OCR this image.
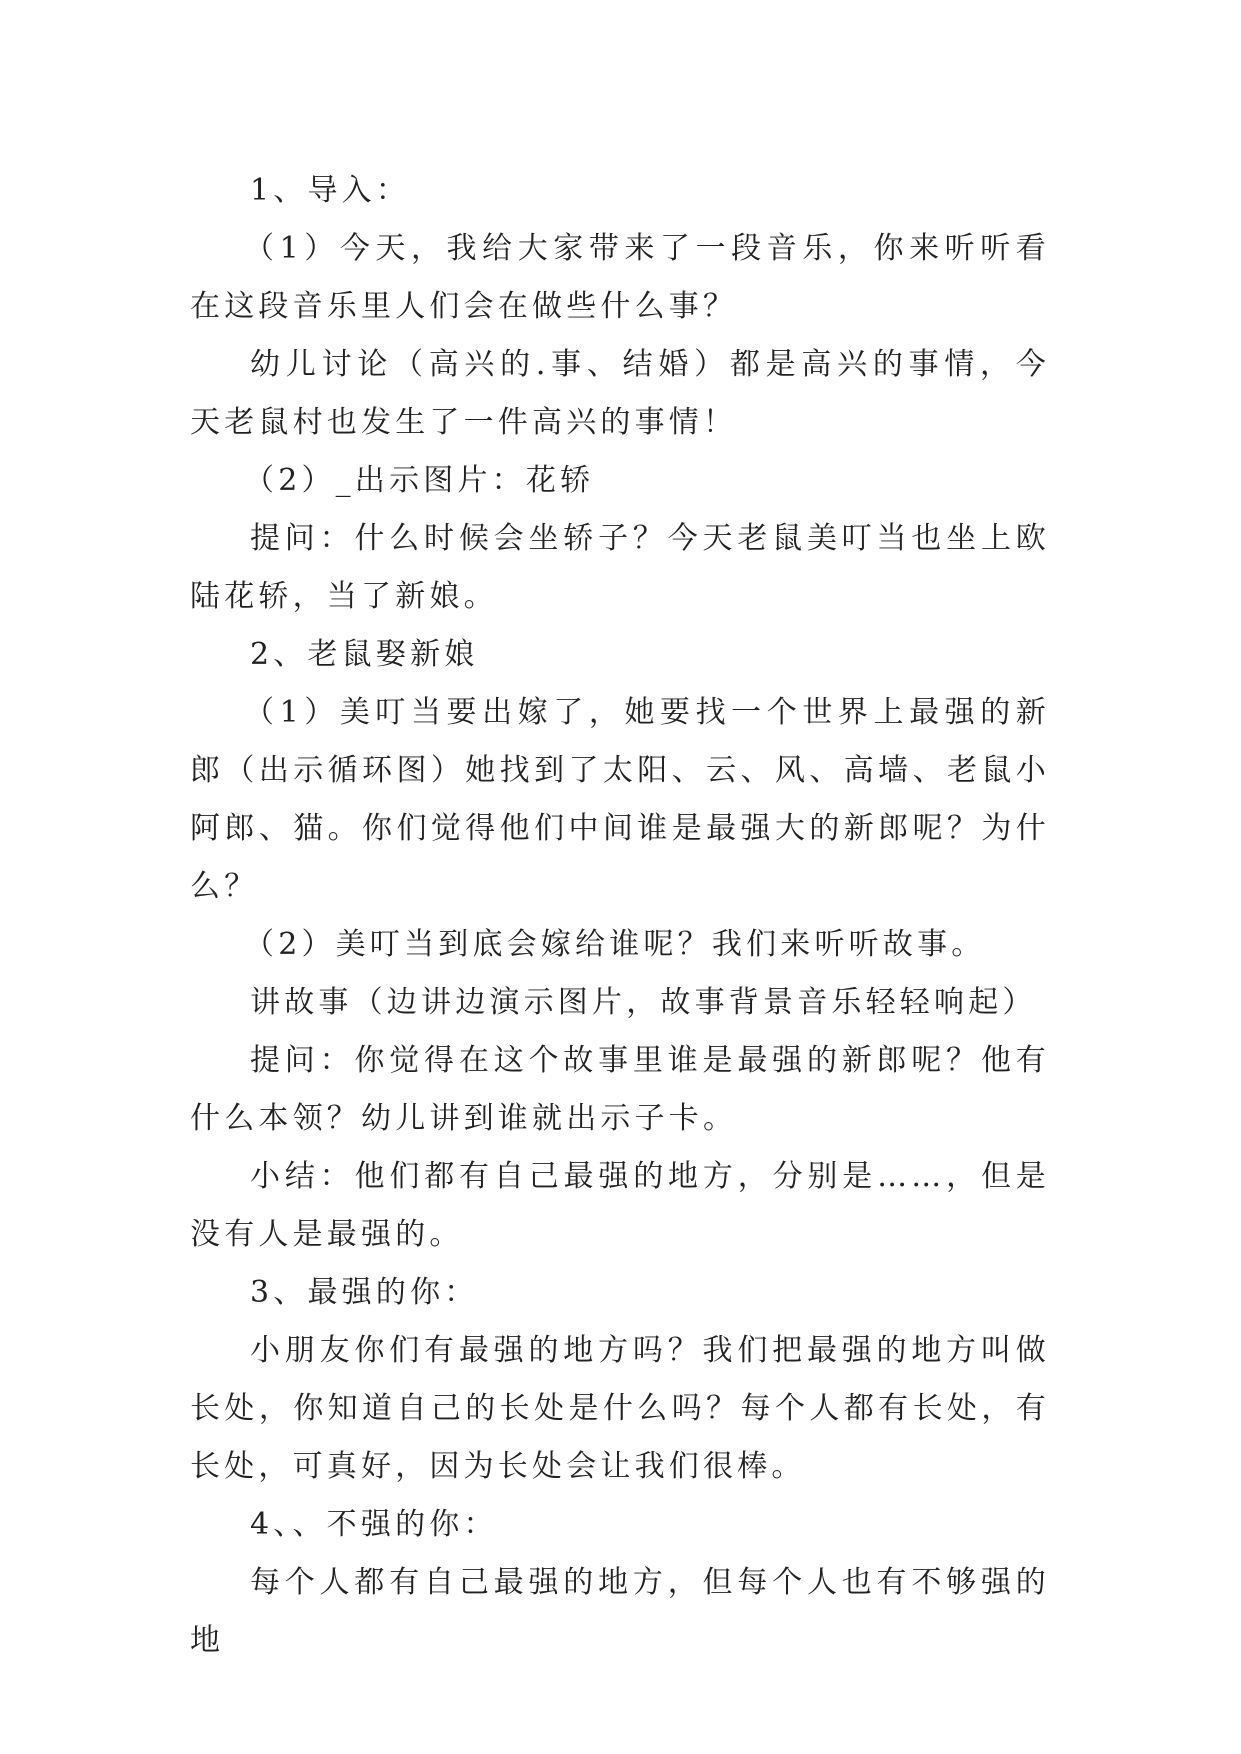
1、导入：

（1）今天，我给大家带来了一段音乐，你来听听看在这段音乐里人们会在做些什么事？

幼儿讨论（高兴的.事、结婚）都是高兴的事情，今天老鼠村也发生了一件高兴的事情！

（2）_出示图片：花轿

提问：什么时候会坐轿子？今天老鼠美叮当也坐上欧陆花轿，当了新娘。

2、老鼠娶新娘

（1）美叮当要出嫁了，她要找一个世界上最强的新郎（出示循环图）她找到了太阳、云、风、高墙、老鼠小阿郎、猫。你们觉得他们中间谁是最强大的新郎呢？为什么？

（2）美叮当到底会嫁给谁呢？我们来听听故事。

讲故事（边讲边演示图片，故事背景音乐轻轻响起）

提问：你觉得在这个故事里谁是最强的新郎呢？他有什么本领？幼儿讲到谁就出示子卡。

小结：他们都有自己最强的地方，分别是……，但是没有人是最强的。

3、最强的你：

小朋友你们有最强的地方吗？我们把最强的地方叫做长处，你知道自己的长处是什么吗？每个人都有长处，有长处，可真好，因为长处会让我们很棒。

4、、不强的你：

每个人都有自己最强的地方，但每个人也有不够强的地
